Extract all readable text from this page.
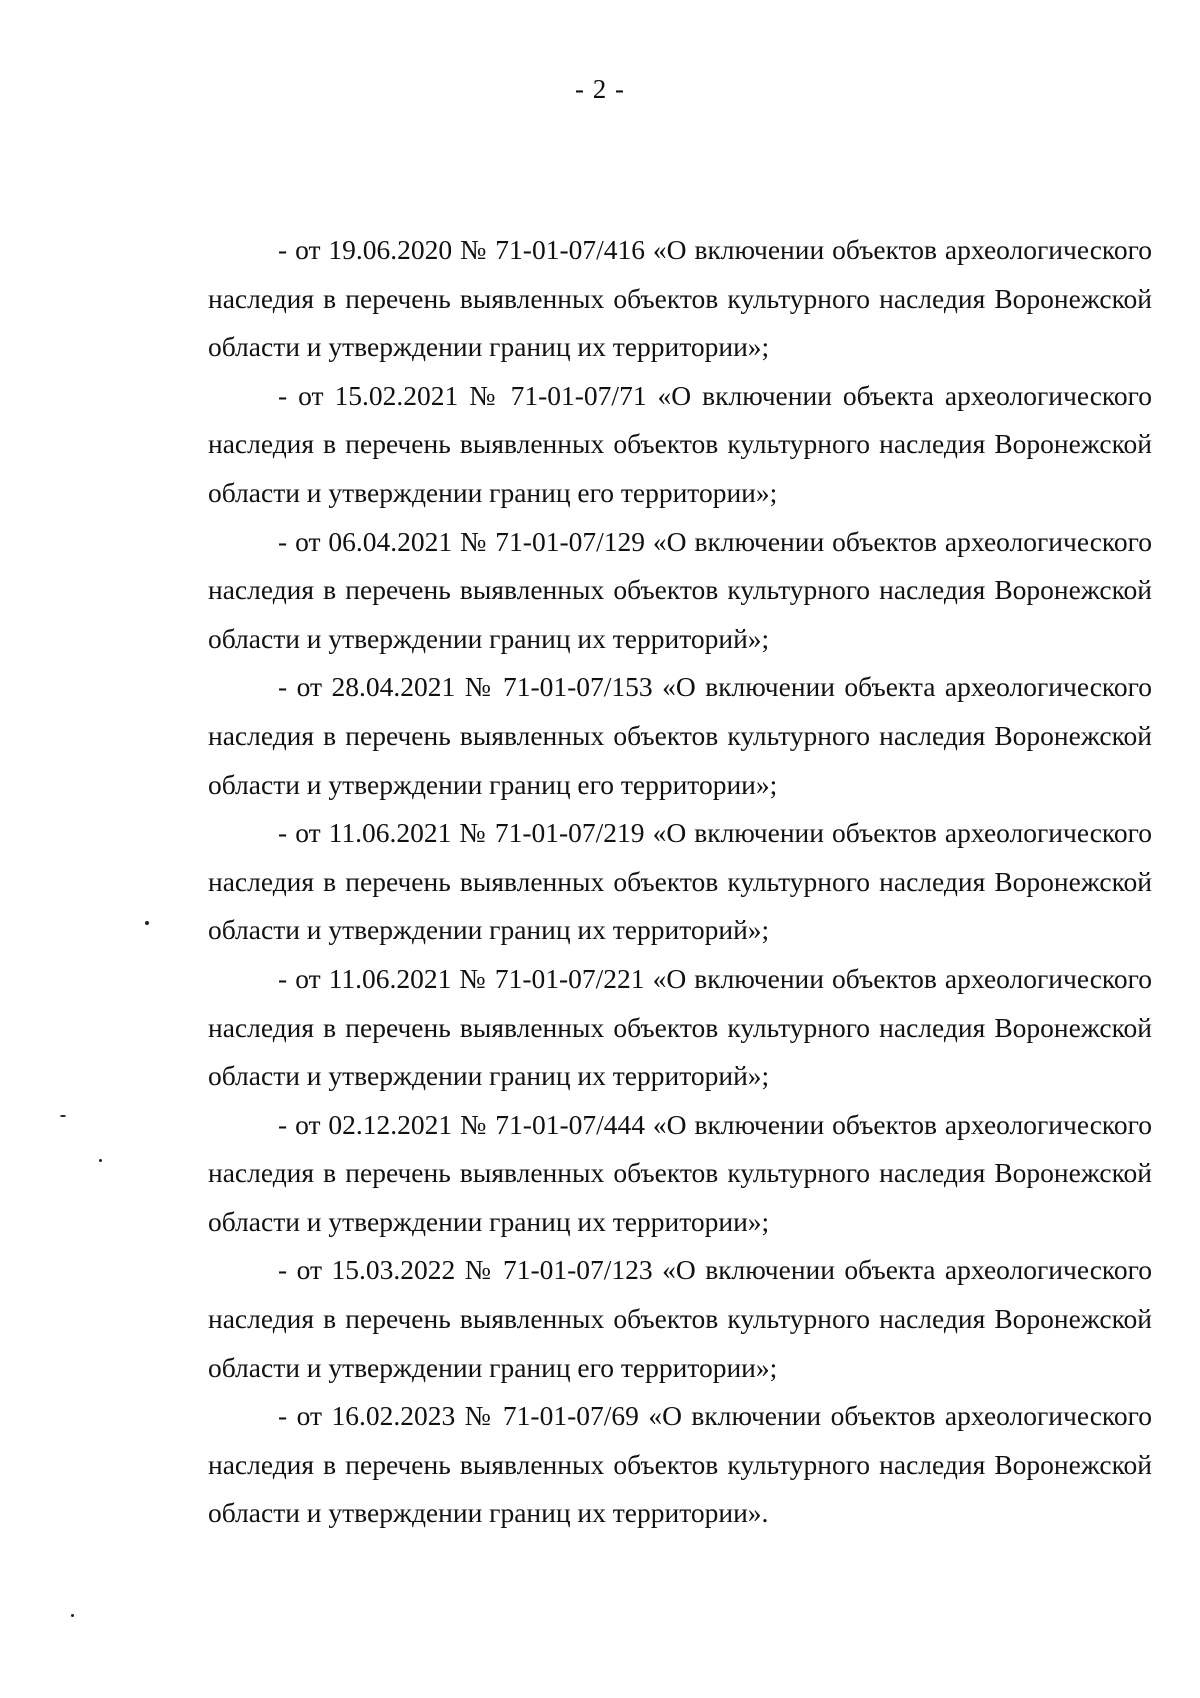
- 2 -

- от 19.06.2020 № 71-01-07/416 «О включении объектов археологического наследия в перечень выявленных объектов культурного наследия Воронежской области и утверждении границ их территории»;

- от 15.02.2021 № 71-01-07/71 «О включении объекта археологического наследия в перечень выявленных объектов культурного наследия Воронежской области и утверждении границ его территории»;

- от 06.04.2021 № 71-01-07/129 «О включении объектов археологического наследия в перечень выявленных объектов культурного наследия Воронежской области и утверждении границ их территорий»;

- от 28.04.2021 № 71-01-07/153 «О включении объекта археологического наследия в перечень выявленных объектов культурного наследия Воронежской области и утверждении границ его территории»;

- от 11.06.2021 № 71-01-07/219 «О включении объектов археологического наследия в перечень выявленных объектов культурного наследия Воронежской области и утверждении границ их территорий»;

- от 11.06.2021 № 71-01-07/221 «О включении объектов археологического наследия в перечень выявленных объектов культурного наследия Воронежской области и утверждении границ их территорий»;

- от 02.12.2021 № 71-01-07/444 «О включении объектов археологического наследия в перечень выявленных объектов культурного наследия Воронежской области и утверждении границ их территории»;

- от 15.03.2022 № 71-01-07/123 «О включении объекта археологического наследия в перечень выявленных объектов культурного наследия Воронежской области и утверждении границ его территории»;

- от 16.02.2023 № 71-01-07/69 «О включении объектов археологического наследия в перечень выявленных объектов культурного наследия Воронежской области и утверждении границ их территории».
